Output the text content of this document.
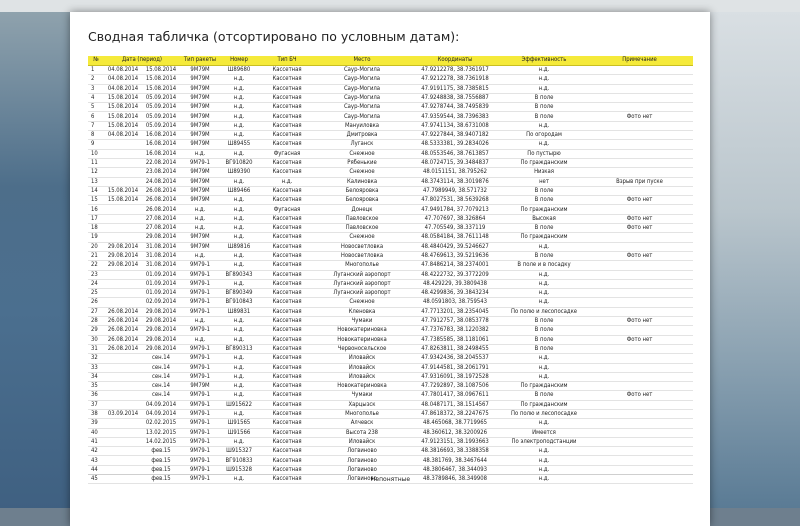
Сводная табличка (отсортировано по условным датам):
№	Дата (период)		Тип ракеты	Номер	Тип БЧ	Место	Координаты	Эффективность	Примечание
1	04.08.2014	15.08.2014	9М79М	Ш89680	Кассетная	Саур-Могила	47.9212278, 38.7361917	н.д.	
2	04.08.2014	15.08.2014	9М79М	н.д.	Кассетная	Саур-Могила	47.9212278, 38.7361918	н.д.	
3	04.08.2014	15.08.2014	9М79М	н.д.	Кассетная	Саур-Могила	47.9191175, 38.7385815	н.д.	
4	15.08.2014	05.09.2014	9М79М	н.д.	Кассетная	Саур-Могила	47.9248838, 38.7556887	В поле	
5	15.08.2014	05.09.2014	9М79М	н.д.	Кассетная	Саур-Могила	47.9278744, 38.7495839	В поле	
6	15.08.2014	05.09.2014	9М79М	н.д.	Кассетная	Саур-Могила	47.9359544, 38.7396383	В поле	Фото нет
7	15.08.2014	05.09.2014	9М79М	н.д.	Кассетная	Мануиловка	47.9741134, 38.6731008	н.д.	
8	04.08.2014	16.08.2014	9М79М	н.д.	Кассетная	Дмитровка	47.9227844, 38.9407182	По огородам	
9		16.08.2014	9М79М	Ш89455	Кассетная	Луганск	48.5333381, 39.2834026	н.д.	
10		16.08.2014	н.д.	н.д.	Фугасная	Снежное	48.0553546, 38.7613857	По пустырю	
11		22.08.2014	9М79-1	ВГ910820	Кассетная	Рябенькие	48.0724715, 39.3484837	По гражданским	
12		23.08.2014	9М79М	Ш89390	Кассетная	Снежное	48.0151151, 38.795262	Низкая	
13		24.08.2014	9М79М	н.д.	н.д.	Калиновка	48.3743114, 38.3019876	нет	Взрыв при пуске
14	15.08.2014	26.08.2014	9М79М	Ш89466	Кассетная	Белояровка	47.7989949, 38.571732	В поле	
15	15.08.2014	26.08.2014	9М79М	н.д.	Кассетная	Белояровка	47.8027531, 38.5639268	В поле	Фото нет
16		26.08.2014	н.д.	н.д.	Фугасная	Донецк	47.9491784, 37.7079213	По гражданским	
17		27.08.2014	н.д.	н.д.	Кассетная	Павловское	47.707697, 38.326864	Высокая	Фото нет
18		27.08.2014	н.д.	н.д.	Кассетная	Павловское	47.705549, 38.337119	В поле	Фото нет
19		29.08.2014	9М79М	н.д.	Кассетная	Снежное	48.0584184, 38.7611148	По гражданским	
20	29.08.2014	31.08.2014	9М79М	Ш89816	Кассетная	Новосветловка	48.4840429, 39.5246627	н.д.	
21	29.08.2014	31.08.2014	н.д.	н.д.	Кассетная	Новосветловка	48.4769613, 39.5219636	В поле	Фото нет
22	29.08.2014	31.08.2014	9М79-1	н.д.	Кассетная	Многополье	47.8486214, 38.2374001	В поле и в посадку	
23		01.09.2014	9М79-1	ВГ890343	Кассетная	Луганский аэропорт	48.4222732, 39.3772209	н.д.	
24		01.09.2014	9М79-1	н.д.	Кассетная	Луганский аэропорт	48.429229, 39.3809438	н.д.	
25		01.09.2014	9М79-1	ВГ890349	Кассетная	Луганский аэропорт	48.4299836, 39.3843234	н.д.	
26		02.09.2014	9М79-1	ВГ910843	Кассетная	Снежное	48.0591803, 38.759543	н.д.	
27	26.08.2014	29.08.2014	9М79-1	Ш89831	Кассетная	Кленовка	47.7713201, 38.2354045	По полю и лесопосадке	
28	26.08.2014	29.08.2014	н.д.	н.д.	Кассетная	Чумаки	47.7912757, 38.0853778	В поле	Фото нет
29	26.08.2014	29.08.2014	9М79-1	н.д.	Кассетная	Новокатериновка	47.7376783, 38.1220382	В поле	
30	26.08.2014	29.08.2014	н.д.	н.д.	Кассетная	Новокатериновка	47.7385585, 38.1181061	В поле	Фото нет
31	26.08.2014	29.08.2014	9М79-1	ВГ890313	Кассетная	Червоносельское	47.8263811, 38.2498455	В поле	
32		сен.14	9М79-1	н.д.	Кассетная	Иловайск	47.9342436, 38.2045537	н.д.	
33		сен.14	9М79-1	н.д.	Кассетная	Иловайск	47.9144581, 38.2061791	н.д.	
34		сен.14	9М79-1	н.д.	Кассетная	Иловайск	47.9316091, 38.1972528	н.д.	
35		сен.14	9М79М	н.д.	Кассетная	Новокатериновка	47.7292897, 38.1087506	По гражданским	
36		сен.14	9М79-1	н.д.	Кассетная	Чумаки	47.7801417, 38.0967611	В поле	Фото нет
37		04.09.2014	9М79-1	Ш915622	Кассетная	Харцызск	48.0487171, 38.1514567	По гражданским	
38	03.09.2014	04.09.2014	9М79-1	н.д.	Кассетная	Многополье	47.8618372, 38.2247675	По полю и лесопосадке	
39		02.02.2015	9М79-1	Ш91565	Кассетная	Алчевск	48.465068, 38.7719965	н.д.	
40		13.02.2015	9М79-1	Ш91566	Кассетная	Высота 238	48.360612, 38.3200926	Имеется	
41		14.02.2015	9М79-1	н.д.	Кассетная	Иловайск	47.9123151, 38.1993663	По электроподстанции	
42		фев.15	9М79-1	Ш915327	Кассетная	Логвиново	48.3816693, 38.3388358	н.д.	
43		фев.15	9М79-1	ВГ910833	Кассетная	Логвиново	48.381769, 38.3467644	н.д.	
44		фев.15	9М79-1	Ш915328	Кассетная	Логвиново	48.3806467, 38.344093	н.д.	
45		фев.15	9М79-1	н.д.	Кассетная	Логвиново	48.3789846, 38.349908	н.д.	
Непонятные
